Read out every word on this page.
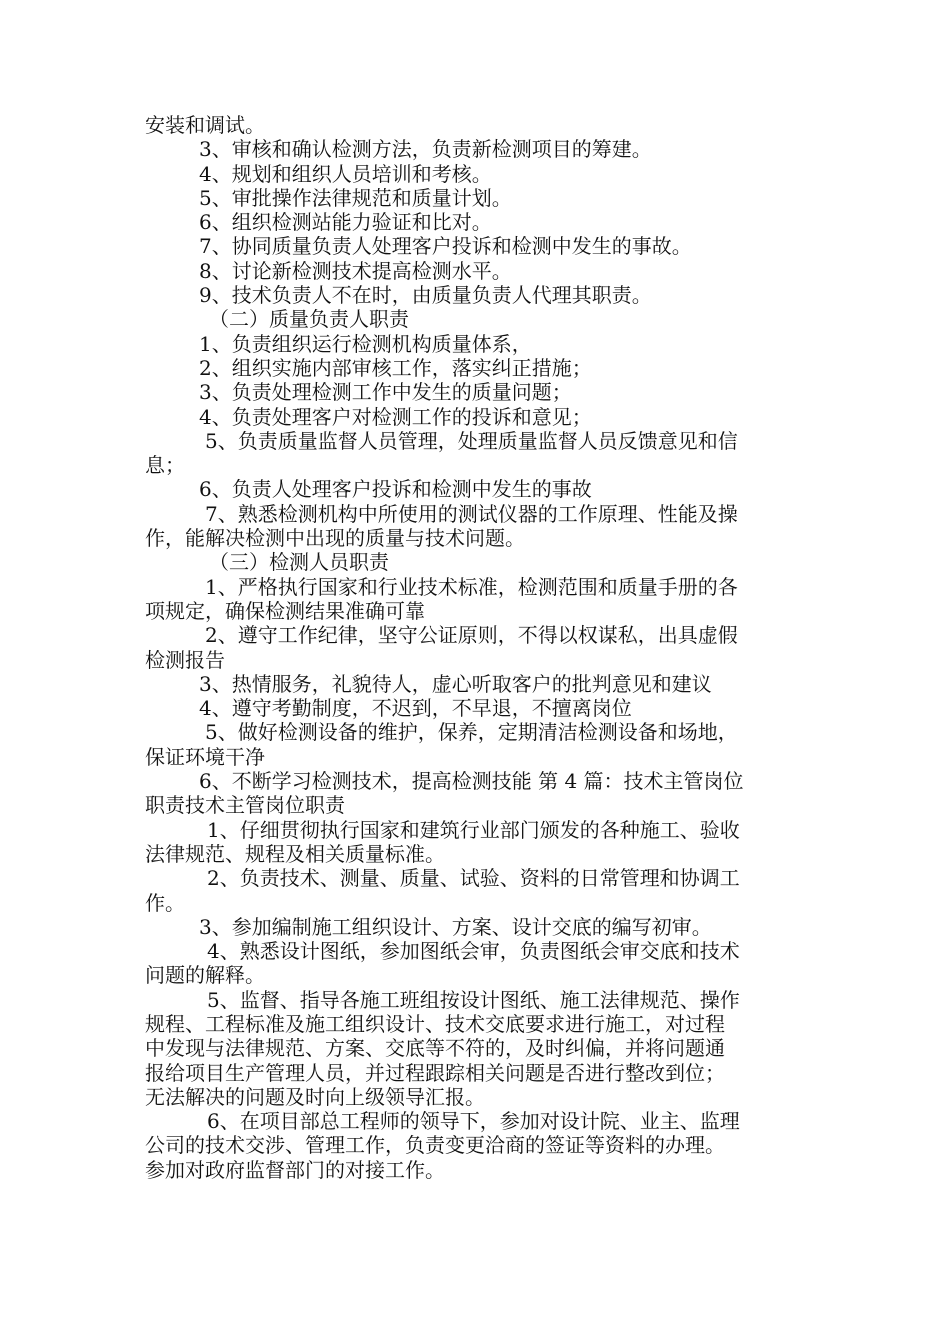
安装和调试。
3、审核和确认检测方法，负责新检测项目的筹建。
4、规划和组织人员培训和考核。
5、审批操作法律规范和质量计划。
6、组织检测站能力验证和比对。
7、协同质量负责人处理客户投诉和检测中发生的事故。
8、讨论新检测技术提高检测水平。
9、技术负责人不在时，由质量负责人代理其职责。
（二）质量负责人职责
1、负责组织运行检测机构质量体系，
2、组织实施内部审核工作，落实纠正措施；
3、负责处理检测工作中发生的质量问题；
4、负责处理客户对检测工作的投诉和意见；
5、负责质量监督人员管理，处理质量监督人员反馈意见和信
息；
6、负责人处理客户投诉和检测中发生的事故
7、熟悉检测机构中所使用的测试仪器的工作原理、性能及操
作，能解决检测中出现的质量与技术问题。
（三）检测人员职责
1、严格执行国家和行业技术标准，检测范围和质量手册的各
项规定，确保检测结果准确可靠
2、遵守工作纪律，坚守公证原则，不得以权谋私，出具虚假
检测报告
3、热情服务，礼貌待人，虚心听取客户的批判意见和建议
4、遵守考勤制度，不迟到，不早退，不擅离岗位
5、做好检测设备的维护，保养，定期清洁检测设备和场地，
保证环境干净
6、不断学习检测技术，提高检测技能 第 4 篇：技术主管岗位
职责技术主管岗位职责
1、仔细贯彻执行国家和建筑行业部门颁发的各种施工、验收
法律规范、规程及相关质量标准。
2、负责技术、测量、质量、试验、资料的日常管理和协调工
作。
3、参加编制施工组织设计、方案、设计交底的编写初审。
4、熟悉设计图纸，参加图纸会审，负责图纸会审交底和技术
问题的解释。
5、监督、指导各施工班组按设计图纸、施工法律规范、操作
规程、工程标准及施工组织设计、技术交底要求进行施工，对过程
中发现与法律规范、方案、交底等不符的，及时纠偏，并将问题通
报给项目生产管理人员，并过程跟踪相关问题是否进行整改到位；
无法解决的问题及时向上级领导汇报。
6、在项目部总工程师的领导下，参加对设计院、业主、监理
公司的技术交涉、管理工作，负责变更洽商的签证等资料的办理。
参加对政府监督部门的对接工作。
